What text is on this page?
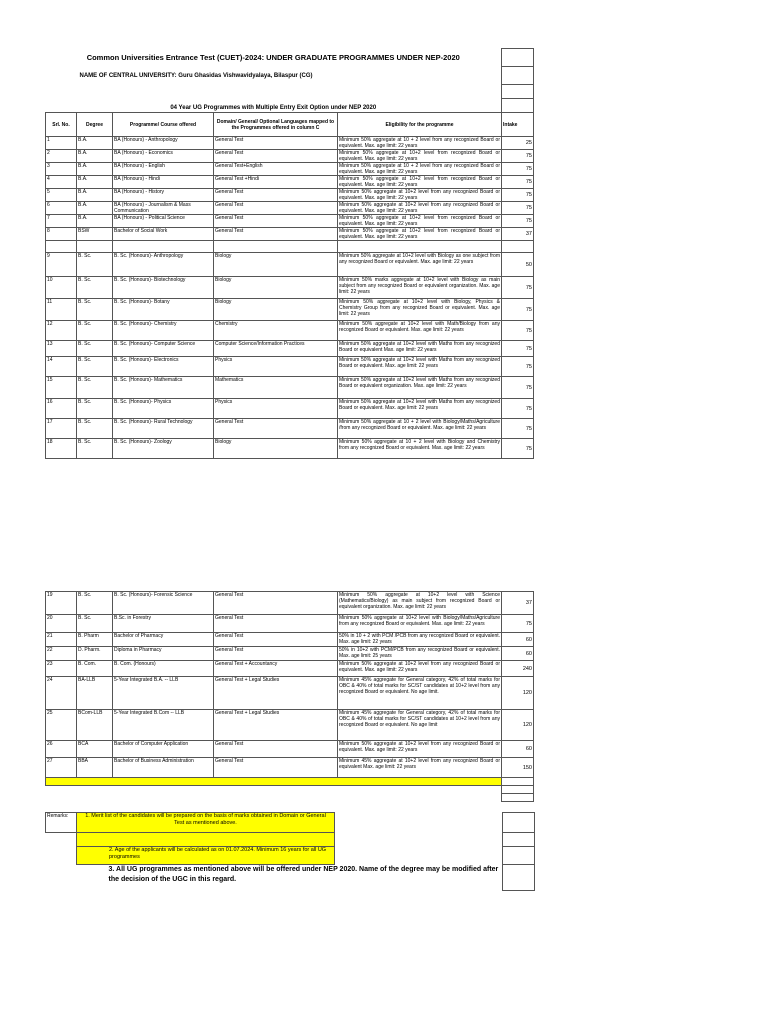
Common Universities Entrance Test (CUET)-2024: UNDER GRADUATE PROGRAMMES UNDER NEP-2020					
NAME OF CENTRAL UNIVERSITY: Guru Ghasidas Vishwavidyalaya, Bilaspur (CG)					

04 Year UG Programmes with Multiple Entry Exit Option under NEP 2020					
Srl. No.	Degree	Programme/ Course offered	Domain/ General/ Optional Languages mapped to the Programmes offered in column C	Eligibility for the programme	Intake
1	B.A.	BA (Honours) - Anthropology	General Test	Minimum 50% aggregate at 10 + 2 level from any recognized Board or equivalent. Max. age limit: 22 years	25
2	B.A.	BA (Honours) - Economics	General Test	Minimum 50% aggregate at 10+2 level from recognized Board or equivalent. Max. age limit: 22 years	75
3	B.A.	BA (Honours) - English	General Test+English	Minimum 50% aggregate at 10 + 2 level from any recognized Board or equivalent. Max. age limit: 22 years	75
4	B.A.	BA (Honours) - Hindi	General Test +Hindi	Minimum 50% aggregate at 10+2 level from recognized Board or equivalent. Max. age limit: 22 years	75
5	B.A.	BA (Honours) - History	General Test	Minimum 50% aggregate at 10+2 level from any recognized Board or equivalent. Max. age limit: 22 years	75
6	B.A.	BA (Honours) - Journalism & Mass Communication	General Test	Minimum 50% aggregate at 10+2 level from any recognized Board or equivalent. Max. age limit: 22 years	75
7	B.A.	BA (Honours) - Political Science	General Test	Minimum 50% aggregate at 10+2 level from recognized Board or equivalent. Max. age limit: 22 years	75
8	BSW	Bachelor of Social Work	General Test	Minimum 50% aggregate at 10+2 level from recognized Board or equivalent. Max. age limit: 22 years	37

9	B. Sc.	B. Sc. (Honours)- Anthropology	Biology	Minimum 50% aggregate at 10+2 level with Biology as one subject from any recognized Board or equivalent. Max. age limit: 22 years	50
10	B. Sc.	B. Sc. (Honours)- Biotechnology	Biology	Minimum 50% marks aggregate at 10+2 level with Biology as main subject from any recognized Board or equivalent organization. Max. age limit: 22 years	75
11	B. Sc.	B. Sc. (Honours)- Botany	Biology	Minimum 50% aggregate at 10+2 level with Biology, Physics & Chemistry Group from any recognized Board or equivalent. Max. age limit: 22 years	75
12	B. Sc.	B. Sc. (Honours)- Chemistry	Chemistry	Minimum 50% aggregate at 10+2 level with Math/Biology from any recognized Board or equivalent. Max. age limit: 22 years	75
13	B. Sc.	B. Sc. (Honours)- Computer Science	Computer Science/Information Practices	Minimum 50% aggregate at 10+2 level with Maths from any recognized Board or equivalent Max. age limit: 22 years	75
14	B. Sc.	B. Sc. (Honours)- Electronics	Physics	Minimum 50% aggregate at 10+2 level with Maths from any recognized Board or equivalent. Max. age limit: 22 years	75
15	B. Sc.	B. Sc. (Honours)- Mathematics	Mathematics	Minimum 50% aggregate at 10+2 level with Maths from any recognized Board or equivalent organization. Max. age limit: 22 years	75
16	B. Sc.	B. Sc. (Honours)- Physics	Physics	Minimum 50% aggregate at 10+2 level with Maths from any recognized Board or equivalent. Max. age limit: 22 years	75
17	B. Sc.	B. Sc. (Honours)- Rural Technology	General Test	Minimum 50% aggregate at 10 + 2 level with Biology/Maths/Agriculture /from any recognized Board or equivalent. Max. age limit: 22 years	75
18	B. Sc.	B. Sc. (Honours)- Zoology	Biology	Minimum 50% aggregate at 10 + 2 level with Biology and Chemistry from any recognized Board or equivalent. Max. age limit: 22 years	75
19	B. Sc.	B. Sc. (Honours)- Forensic Science	General Test	Minimum 50% aggregate at 10+2 level with Science (Mathematics/Biology) as main subject from recognized Board or equivalent organization. Max. age limit: 22 years	37
20	B. Sc.	B.Sc. in Forestry	General Test	Minimum 50% aggregate at 10+2 level with Biology/Maths/Agriculture from any recognized Board or equivalent. Max. age limit: 22 years	75
21	B. Pharm	Bachelor of Pharmacy	General Test	50% in 10 + 2 with PCM /PCB from any recognized Board or equivalent. Max. age limit: 22 years	60
22	D. Pharm.	Diploma in Pharmacy	General Test	50% in 10+2 with PCM/PCB from any recognized Board or equivalent. Max. age limit: 25 years	60
23	B. Com.	B. Com. (Honours)	General Test + Accountancy	Minimum 50% aggregate at 10+2 level from any recognized Board or equivalent. Max. age limit: 22 years	240
24	BA-LLB	5-Year Integrated B.A. -- LLB	General Test + Legal Studies	Minimum 45% aggregate for General category, 42% of total marks for OBC & 40% of total marks for SC/ST candidates at 10+2 level from any recognized Board or equivalent. No age limit.	120
25	BCom-LLB	5-Year Integrated B.Com -- LLB	General Test + Legal Studies	Minimum 45% aggregate for General category, 42% of total marks for OBC & 40% of total marks for SC/ST candidates at 10+2 level from any recognized Board or equivalent. No age limit	120
26	BCA	Bachelor of Computer Application	General Test	Minimum 50% aggregate at 10+2 level from any recognized Board or equivalent. Max. age limit: 22 years	60
27	BBA	Bachelor of Business Administration	General Test	Minimum 45% aggregate at 10+2 level from any recognized Board or equivalent Max. age limit: 22 years	150

Remarks:	1. Merit list of the candidates will be prepared on the basis of marks obtained in Domain or General Test as mentioned above.		

	2. Age of the applicants will be calculated as on 01.07.2024. Minimum 16 years for all UG programmes		
	3. All UG programmes as mentioned above will be offered under NEP 2020. Name of the degree may be modified after the decision of the UGC in this regard.		
